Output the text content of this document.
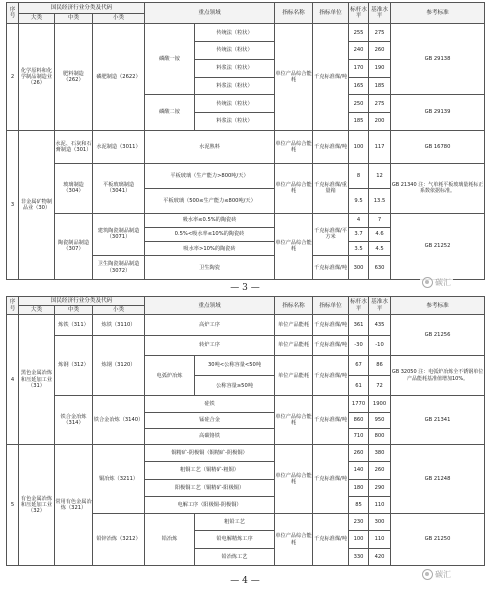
序号	国民经济行业分类及代码			重点领域		指标名称	指标单位	标杆水平	基准水平	参考标准
	大类	中类	小类							
2	化学原料和化学制品制造业（26）	肥料制造（262）	磷肥制造（2622）	磷酸一铵	传统法（粒状）	单位产品综合能耗	千克标准煤/吨	255	275	GB 29138
					传统法（粉状）			240	260	
					料浆法（粒状）			170	190	
					料浆法（粉状）			165	185	
				磷酸二铵	传统法（粒状）			250	275	GB 29139
					料浆法（粒状）			185	200	
3	非金属矿物制品业（30）	水泥、石灰和石膏制造（301）	水泥制造（3011）	水泥熟料		单位产品综合能耗	千克标准煤/吨	100	117	GB 16780
		玻璃制造（304）	平板玻璃制造（3041）	平板玻璃（生产能力>800吨/天）		单位产品综合能耗	千克标准煤/重量箱	8	12	GB 21340 注：气单耗平板玻璃量耗标正系数依据标准。
				平板玻璃（500≤生产能力≤800吨/天）				9.5	13.5	
		陶瓷制品制造（307）	建筑陶瓷制品制造（3071）	吸水率≤0.5%的陶瓷砖		单位产品综合能耗	千克标准煤/平方米	4	7	GB 21252
				0.5%<吸水率≤10%的陶瓷砖				3.7	4.6	
				吸水率>10%的陶瓷砖				3.5	4.5	
			卫生陶瓷制品制造（3072）	卫生陶瓷			千克标准煤/吨	300	630	
— 3 —
碳汇
序号	国民经济行业分类及代码			重点领域		指标名称	指标单位	标杆水平	基准水平	参考标准
	大类	中类	小类							
4	黑色金属冶炼和压延加工业（31）	炼铁（311）	炼铁（3110）	高炉工序		单位产品能耗	千克标准煤/吨	361	435	GB 21256
		炼钢（312）	炼钢（3120）	转炉工序		单位产品能耗	千克标准煤/吨	-30	-10	
				电弧炉冶炼	30吨<公称容量<50吨	单位产品能耗	千克标准煤/吨	67	86	GB 32050 注：电弧炉冶炼全不锈钢单位产品能耗基准值增加10%。
					公称容量≥50吨			61	72	
		铁合金冶炼（314）	铁合金冶炼（3140）	硅铁		单位产品综合能耗	千克标准煤/吨	1770	1900	GB 21341
				锰硅合金				860	950	
				高碳铬铁				710	800	
5	有色金属冶炼和压延加工业（32）	常用有色金属冶炼（321）	铜冶炼（3211）	铜精矿-阴极铜（铜精矿-阴极铜）		单位产品综合能耗	千克标准煤/吨	260	380	GB 21248
				粗铜工艺（铜精矿-粗铜）				140	260	
				阳极铜工艺（铜精矿-阳极铜）				180	290	
				电解工序（阳极铜-阴极铜）				85	110	
			铅锌冶炼（3212）	铅冶炼	粗铅工艺	单位产品综合能耗	千克标准煤/吨	230	300	GB 21250
					铅电解精炼工序			100	110	
					铅冶炼工艺			330	420	
— 4 —
碳汇
